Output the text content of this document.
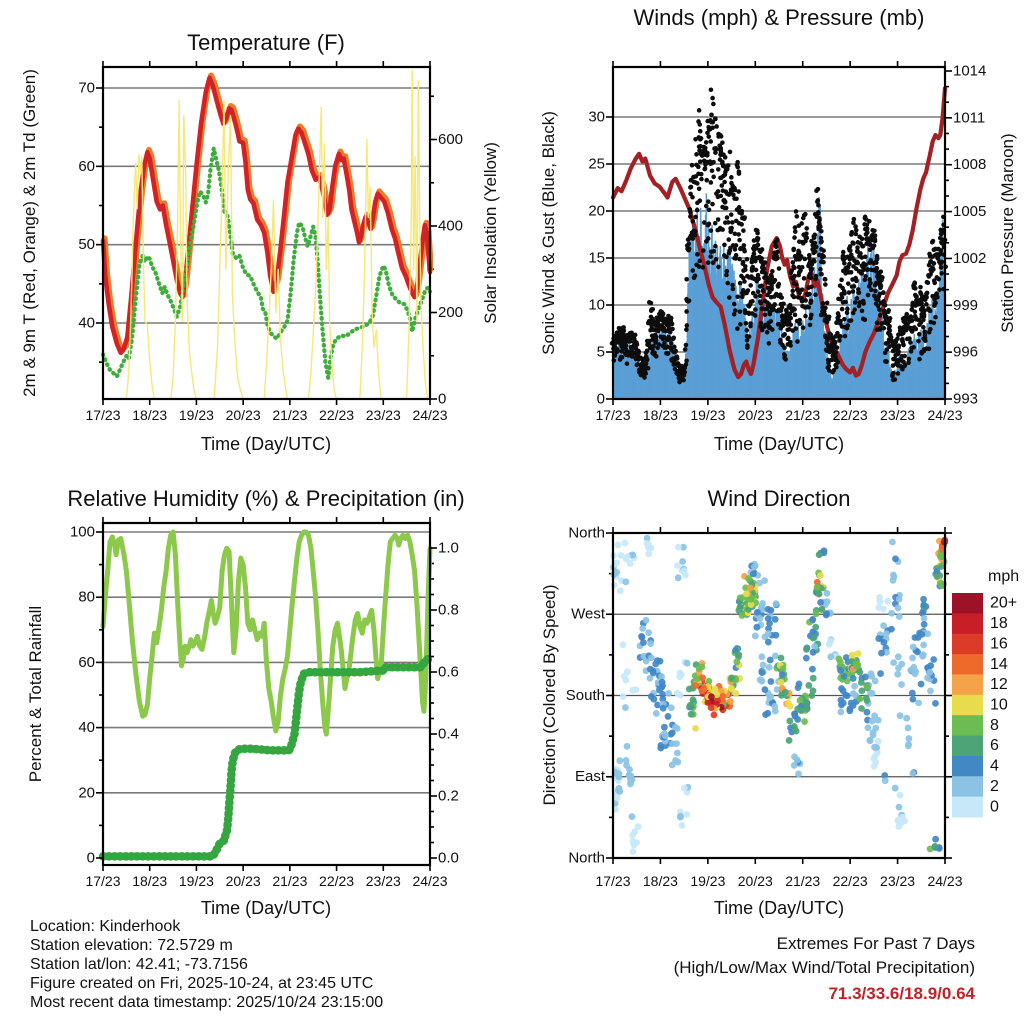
40
50
60
70
0
200
400
600
17/23 18/23 19/23 20/23 21/23 22/23 23/23 24/23
0
5
10
15
20
25
30
993
996
999
1002
1005
1008
1011
1014
17/23 18/23 19/23 20/23 21/23 22/23 23/23 24/23
0
20
40
60
80
100
0.0
0.2
0.4
0.6
0.8
1.0
17/23 18/23 19/23 20/23 21/23 22/23 23/23 24/23
North
West
South
East
North
17/23 18/23 19/23 20/23 21/23 22/23 23/23 24/23
20+
18
16
14
12
10
8
6
4
2
0
Temperature (F)
Winds (mph) & Pressure (mb)
Relative Humidity (%) & Precipitation (in)	Wind Direction
Time (Day/UTC)	Time (Day/UTC)
Time (Day/UTC)	Time (Day/UTC)
2m & 9m T (Red, Orange) & 2m Td (Green)	Solar Insolation (Yellow) Sonic Wind & Gust (Blue, Black)	Station Pressure (Maroon)
Percent & Total Rainfall	Direction (Colored By Speed)
mph
Location: Kinderhook
Station elevation: 72.5729 m
Station lat/lon: 42.41; -73.7156
Figure created on Fri, 2025-10-24, at 23:45 UTC
Most recent data timestamp: 2025/10/24 23:15:00
Extremes For Past 7 Days
(High/Low/Max Wind/Total Precipitation)
71.3/33.6/18.9/0.64
